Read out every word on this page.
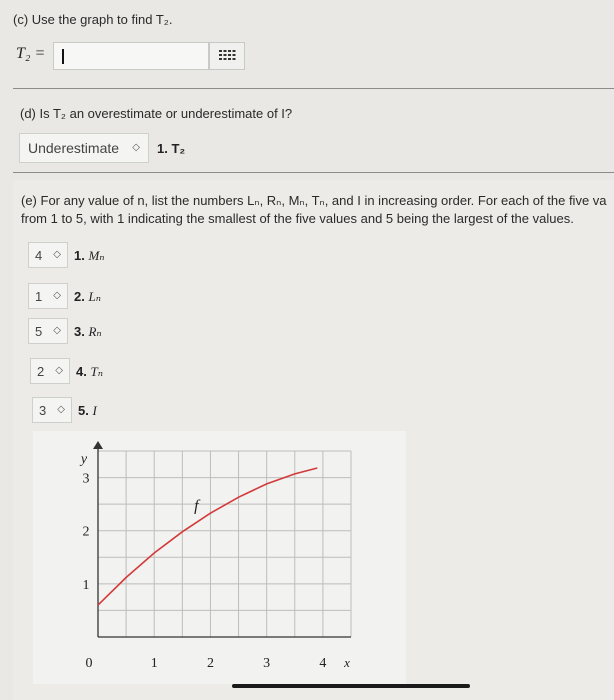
(c) Use the graph to find T₂.
T₂ =
(d) Is T₂ an overestimate or underestimate of I?
Underestimate ◇ 1. T₂
(e) For any value of n, list the numbers Lₙ, Rₙ, Mₙ, Tₙ, and I in increasing order. For each of the five va
from 1 to 5, with 1 indicating the smallest of the five values and 5 being the largest of the values.
4 ◇ 1. Mₙ
1 ◇ 2. Lₙ
5 ◇ 3. Rₙ
2 ◇ 4. Tₙ
3 ◇ 5. I
0	1	2	3	4
1
2
3
y
x
f
